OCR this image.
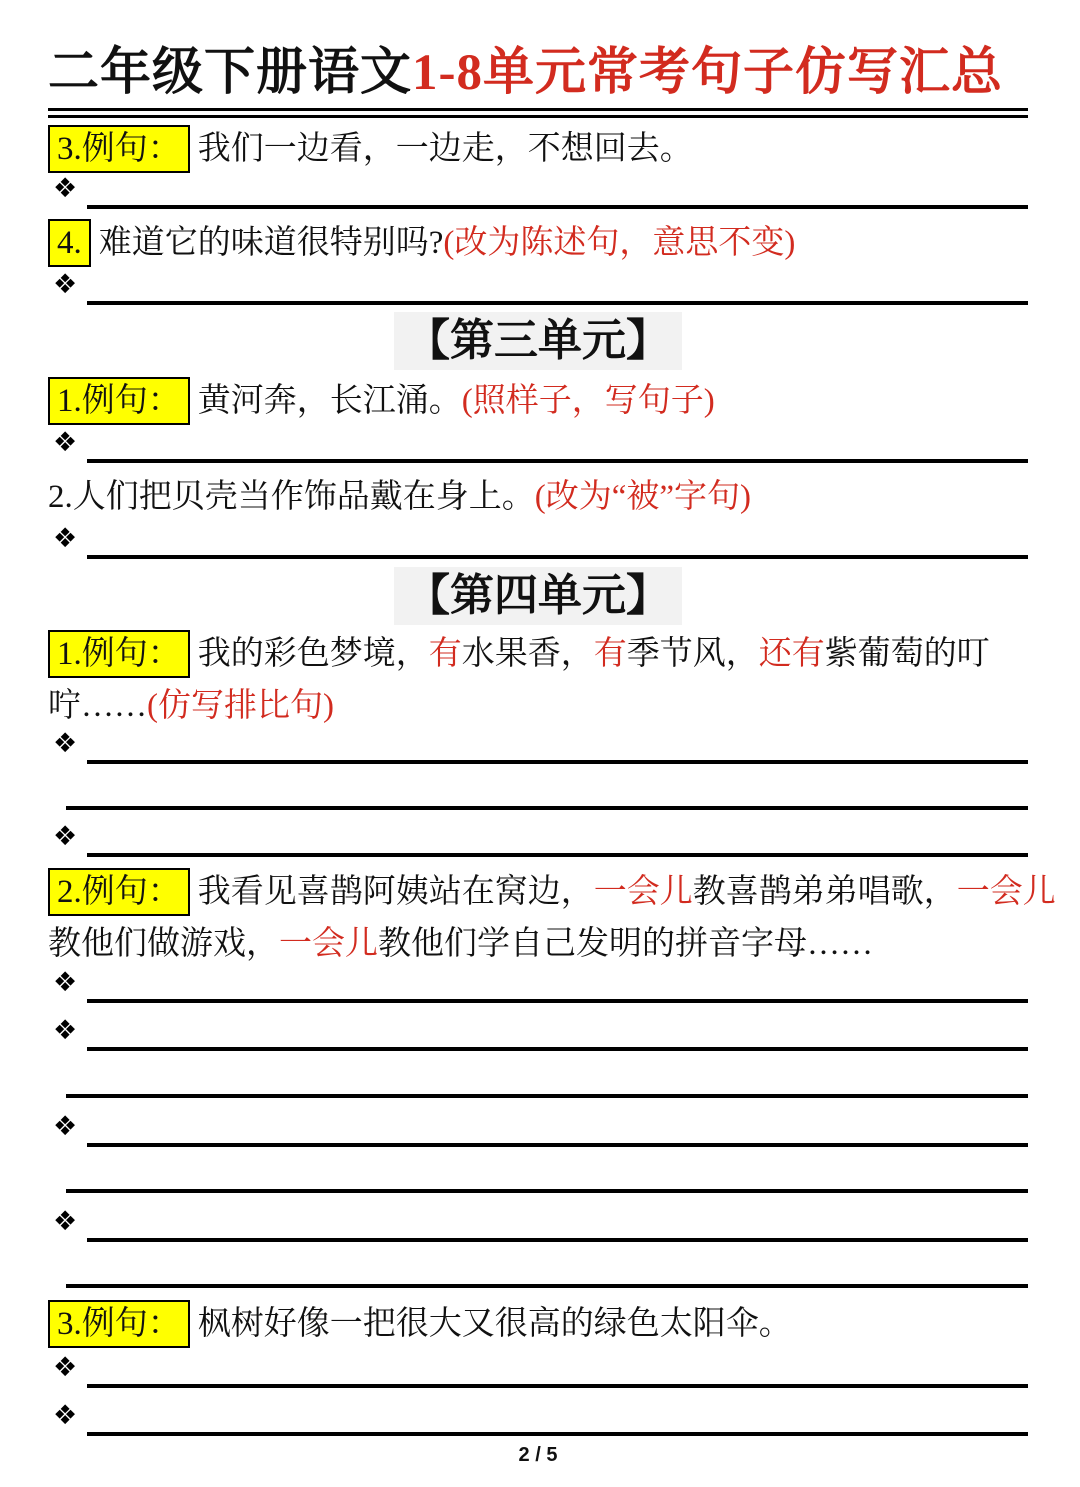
二年级下册语文1-8单元常考句子仿写汇总
3.例句： 我们一边看，一边走，不想回去。
❖
4. 难道它的味道很特别吗? (改为陈述句，意思不变)
❖
【第三单元】
1.例句： 黄河奔，长江涌。 (照样子，写句子)
❖
2.人们把贝壳当作饰品戴在身上。 (改为“被”字句)
❖
【第四单元】
1.例句： 我的彩色梦境， 有 水果香， 有 季节风， 还有 紫葡萄的叮
咛…… (仿写排比句)
❖
❖
2.例句： 我看见喜鹊阿姨站在窝边， 一会儿 教喜鹊弟弟唱歌， 一会儿
教他们做游戏， 一会儿 教他们学自己发明的拼音字母……
❖
❖
❖
❖
3.例句： 枫树好像一把很大又很高的绿色太阳伞。
❖
❖
2 / 5
